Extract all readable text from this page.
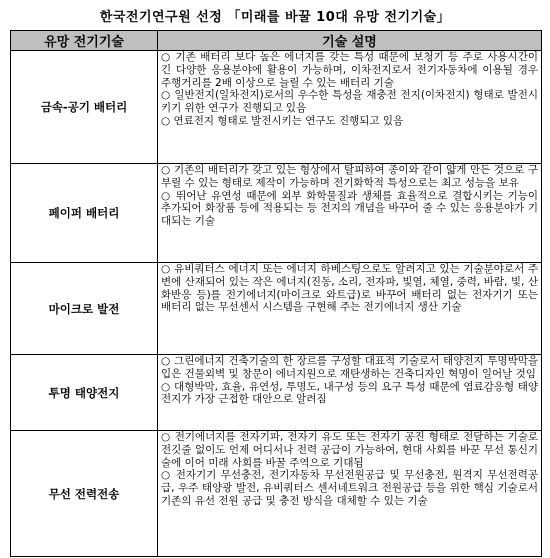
한국전기연구원 선정 「미래를 바꿀 10대 유망 전기기술」
유망 전기기술	기술 설명
금속-공기 배터리	○ 기존 배터리 보다 높은 에너지를 갖는 특성 때문에 보청기 등 주로 사용시간이 긴 다양한 응용분야에 활용이 가능하며, 이차전지로서 전기자동차에 이용될 경우 주행거리를 2배 이상으로 늘릴 수 있는 배터리 기술

○ 일반전지(일차전지)로서의 우수한 특성을 재충전 전지(이차전지) 형태로 발전시키기 위한 연구가 진행되고 있음

○ 연료전지 형태로 발전시키는 연구도 진행되고 있음

페이퍼 배터리	○ 기존의 배터리가 갖고 있는 형상에서 탈피하여 종이와 같이 얇게 만든 것으로 구부릴 수 있는 형태로 제작이 가능하며 전기화학적 특성으로는 최고 성능을 보유

○ 뛰어난 유연성 때문에 외부 화학물질과 생체를 효율적으로 결합시키는 기능이 추가되어 화장품 등에 적용되는 등 전지의 개념을 바꾸어 줄 수 있는 응용분야가 기대되는 기술

마이크로 발전	○ 유비쿼터스 에너지 또는 에너지 하베스팅으로도 알려지고 있는 기술분야로서 주변에 산재되어 있는 작은 에너지(진동, 소리, 전자파, 빛열, 체열, 중력, 바람, 빛, 산화반응 등)를 전기에너지(마이크로 와트급)로 바꾸어 배터리 없는 전자기기 또는 배터리 없는 무선센서 시스템을 구현해 주는 전기에너지 생산 기술

투명 태양전지	○ 그린에너지 건축기술의 한 장르를 구성할 대표적 기술로서 태양전지 투명박막을 입은 건물외벽 및 창문이 에너지원으로 재탄생하는 건축디자인 혁명이 일어날 것임

○ 대형박막, 효율, 유연성, 투명도, 내구성 등의 요구 특성 때문에 염료감응형 태양전지가 가장 근접한 대안으로 알려짐

무선 전력전송	○ 전기에너지를 전자기파, 전자기 유도 또는 전자기 공진 형태로 전달하는 기술로 전깃줄 없이도 언제 어디서나 전력 공급이 가능하여, 현대 사회를 바꾼 무선 통신기술에 이어 미래 사회를 바꿀 주역으로 기대됨

○ 전자기기 무선충전, 전기자동차 무선전원공급 및 무선충전, 원격지 무선전력공급, 우주 태양광 발전, 유비쿼터스 센서네트워크 전원공급 등을 위한 핵심 기술로서 기존의 유선 전원 공급 및 충전 방식을 대체할 수 있는 기술
